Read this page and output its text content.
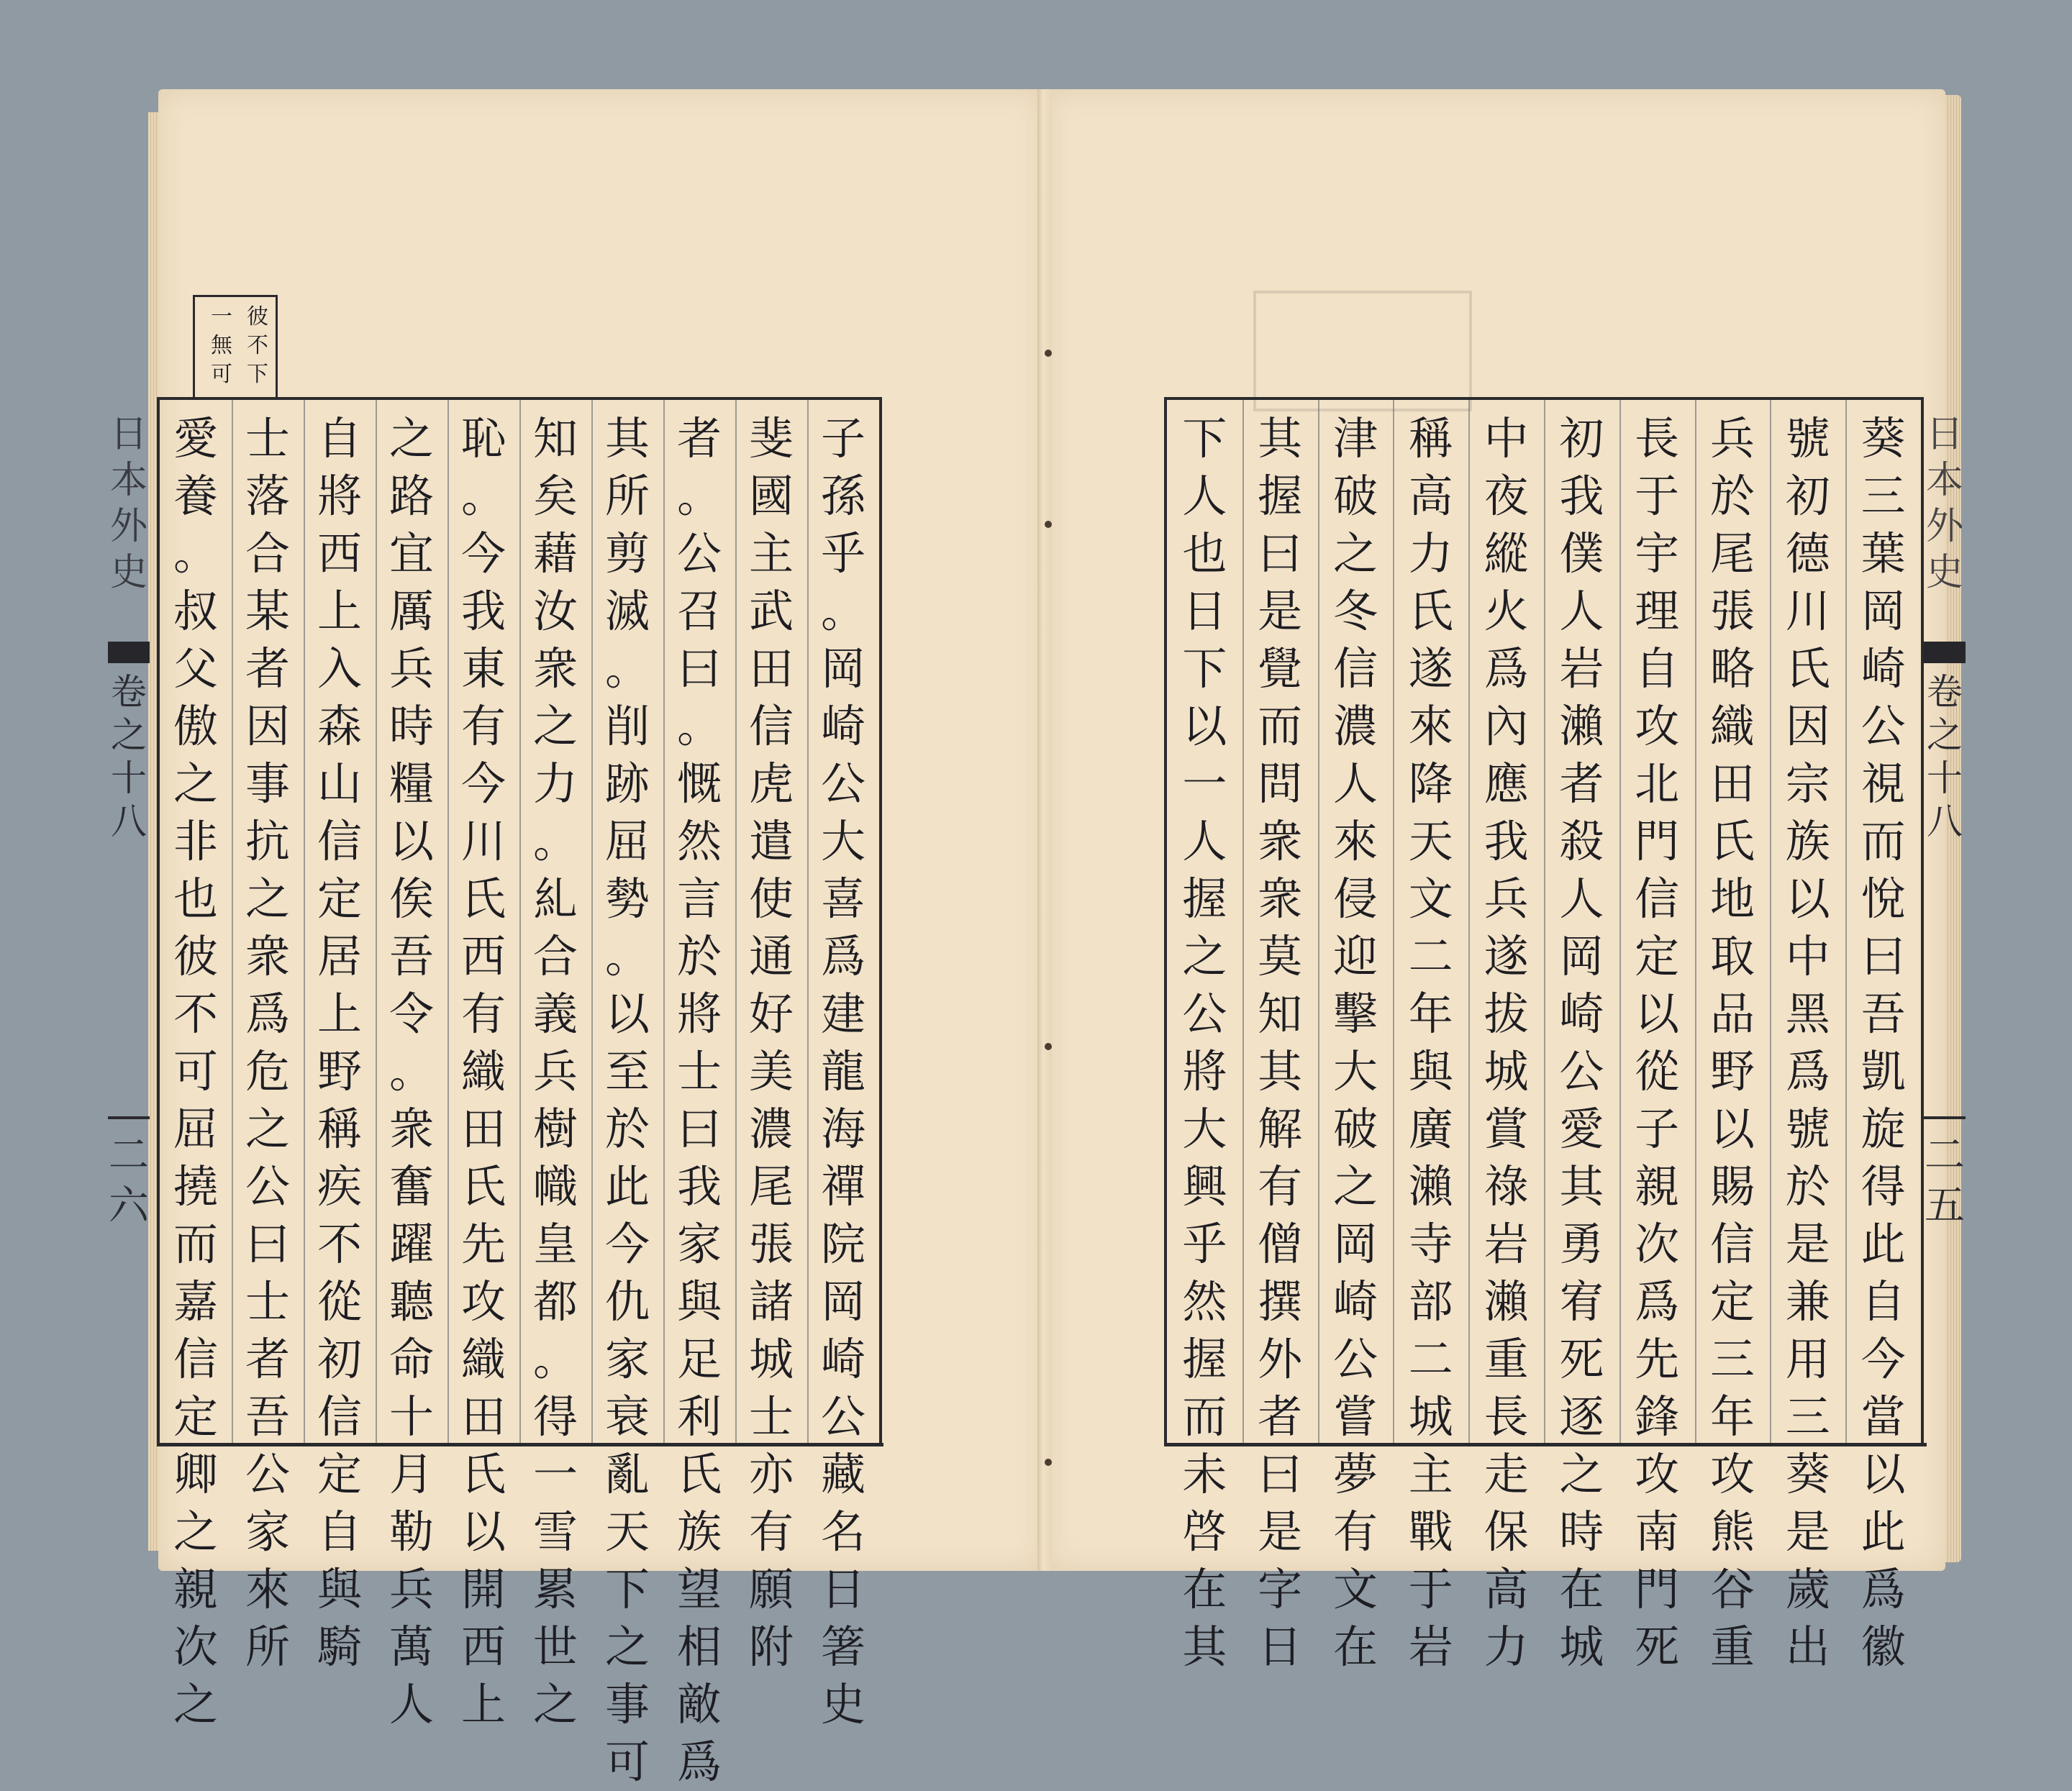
彼
不
下
一
無
可
日
本
外
史
卷
之
十
八
二
六
日
本
外
史
卷
之
十
八
二
五
子
孫
乎
。
岡
崎
公
大
喜
爲
建
龍
海
禪
院
岡
崎
公
藏
名
日
箸
史
斐
國
主
武
田
信
虎
遣
使
通
好
美
濃
尾
張
諸
城
士
亦
有
願
附
者
。
公
召
曰
。
慨
然
言
於
將
士
曰
我
家
與
足
利
氏
族
望
相
敵
爲
其
所
剪
滅
。
削
跡
屈
勢
。
以
至
於
此
今
仇
家
衰
亂
天
下
之
事
可
知
矣
藉
汝
衆
之
力
。
糺
合
義
兵
樹
幟
皇
都
。
得
一
雪
累
世
之
恥
。
今
我
東
有
今
川
氏
西
有
織
田
氏
先
攻
織
田
氏
以
開
西
上
之
路
宜
厲
兵
時
糧
以
俟
吾
令
。
衆
奮
躍
聽
命
十
月
勒
兵
萬
人
自
將
西
上
入
森
山
信
定
居
上
野
稱
疾
不
從
初
信
定
自
與
騎
士
落
合
某
者
因
事
抗
之
衆
爲
危
之
公
曰
士
者
吾
公
家
來
所
愛
養
。
叔
父
傲
之
非
也
彼
不
可
屈
撓
而
嘉
信
定
卿
之
親
次
之
葵
三
葉
岡
崎
公
視
而
悅
曰
吾
凱
旋
得
此
自
今
當
以
此
爲
徽
號
初
德
川
氏
因
宗
族
以
中
黑
爲
號
於
是
兼
用
三
葵
是
歲
出
兵
於
尾
張
略
織
田
氏
地
取
品
野
以
賜
信
定
三
年
攻
熊
谷
重
長
于
宇
理
自
攻
北
門
信
定
以
從
子
親
次
爲
先
鋒
攻
南
門
死
初
我
僕
人
岩
瀨
者
殺
人
岡
崎
公
愛
其
勇
宥
死
逐
之
時
在
城
中
夜
縱
火
爲
內
應
我
兵
遂
拔
城
賞
祿
岩
瀨
重
長
走
保
高
力
稱
高
力
氏
遂
來
降
天
文
二
年
與
廣
瀨
寺
部
二
城
主
戰
于
岩
津
破
之
冬
信
濃
人
來
侵
迎
擊
大
破
之
岡
崎
公
嘗
夢
有
文
在
其
握
曰
是
覺
而
問
衆
衆
莫
知
其
解
有
僧
撰
外
者
曰
是
字
日
下
人
也
日
下
以
一
人
握
之
公
將
大
興
乎
然
握
而
未
啓
在
其
